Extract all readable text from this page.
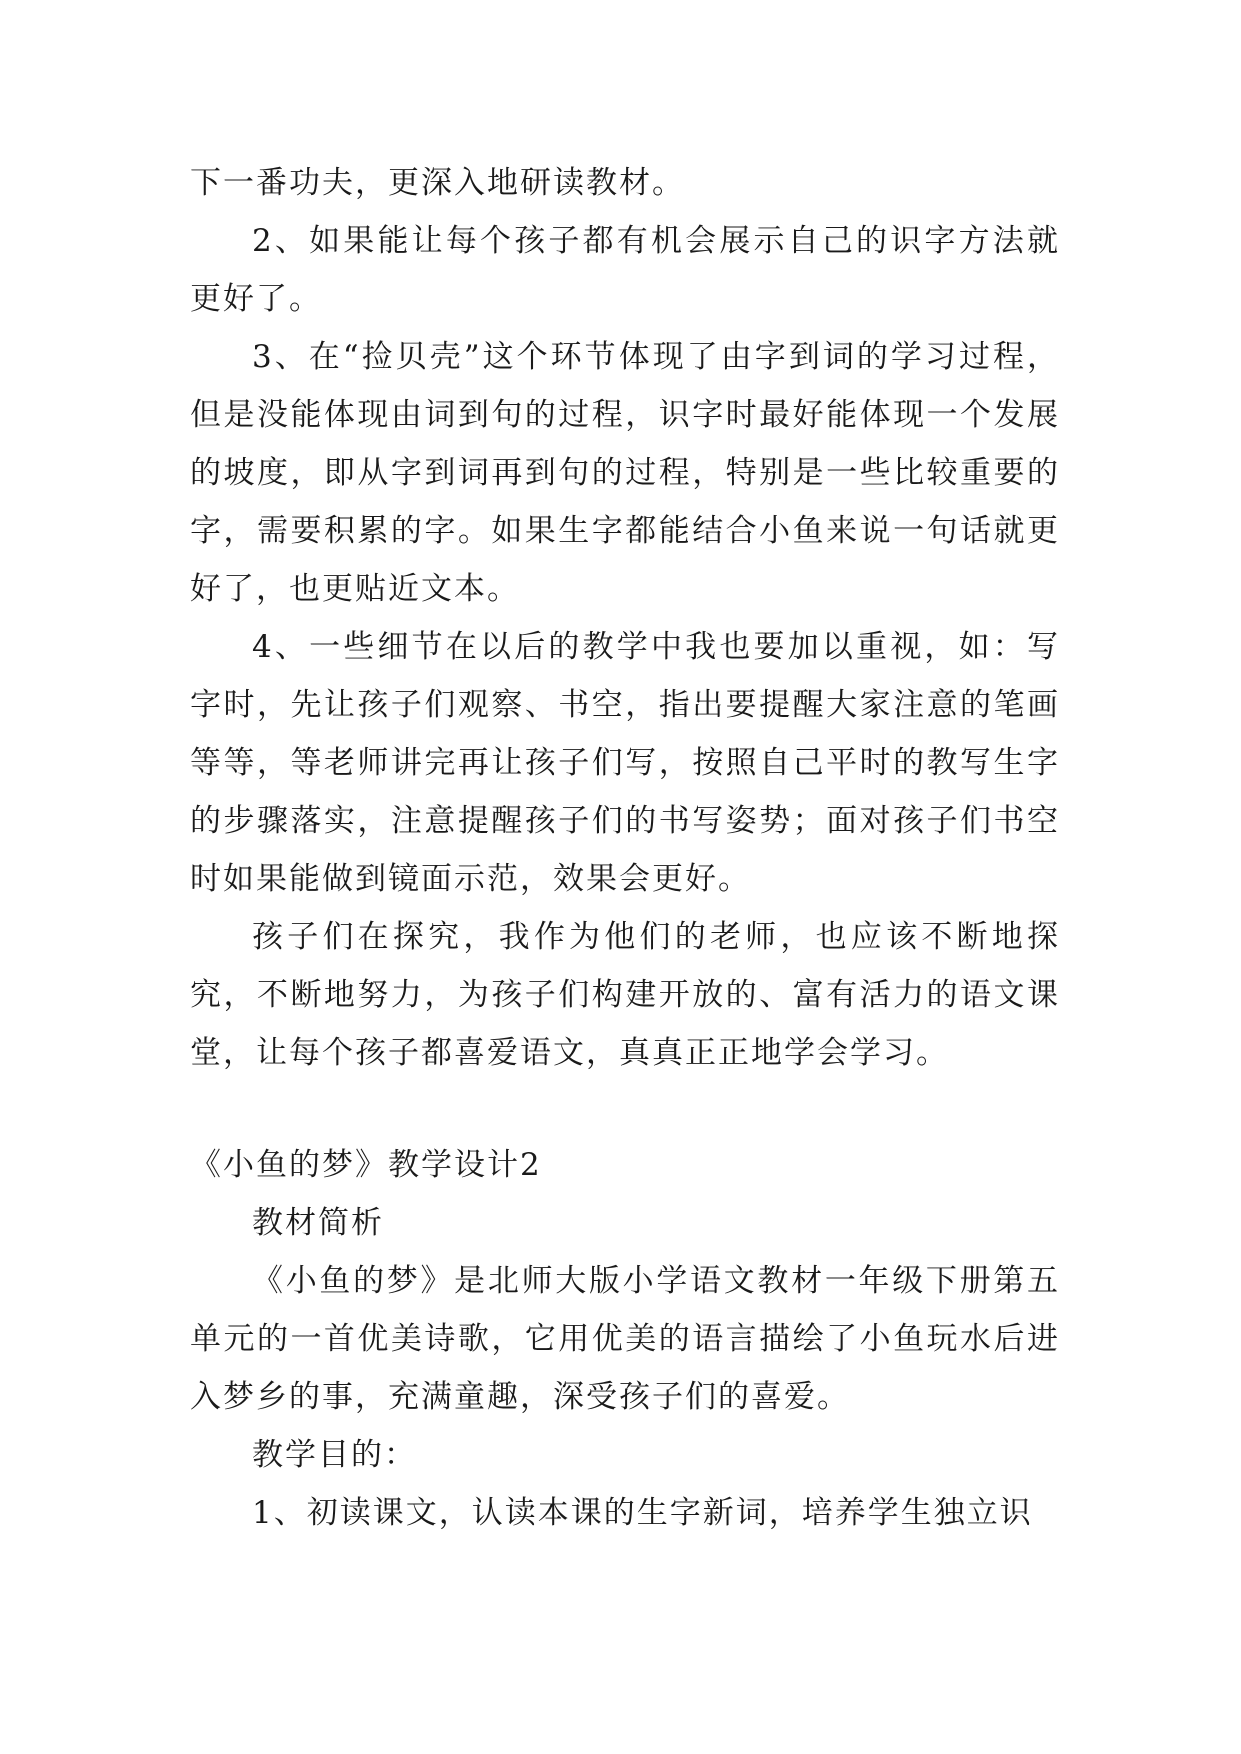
下一番功夫，更深入地研读教材。

2、如果能让每个孩子都有机会展示自己的识字方法就更好了。

3、在“捡贝壳”这个环节体现了由字到词的学习过程，但是没能体现由词到句的过程，识字时最好能体现一个发展的坡度，即从字到词再到句的过程，特别是一些比较重要的字，需要积累的字。如果生字都能结合小鱼来说一句话就更好了，也更贴近文本。

4、一些细节在以后的教学中我也要加以重视，如：写字时，先让孩子们观察、书空，指出要提醒大家注意的笔画等等，等老师讲完再让孩子们写，按照自己平时的教写生字的步骤落实，注意提醒孩子们的书写姿势；面对孩子们书空时如果能做到镜面示范，效果会更好。

孩子们在探究，我作为他们的老师，也应该不断地探究，不断地努力，为孩子们构建开放的、富有活力的语文课堂，让每个孩子都喜爱语文，真真正正地学会学习。

《小鱼的梦》教学设计2

教材简析

《小鱼的梦》是北师大版小学语文教材一年级下册第五单元的一首优美诗歌，它用优美的语言描绘了小鱼玩水后进入梦乡的事，充满童趣，深受孩子们的喜爱。

教学目的：

1、初读课文，认读本课的生字新词，培养学生独立识
